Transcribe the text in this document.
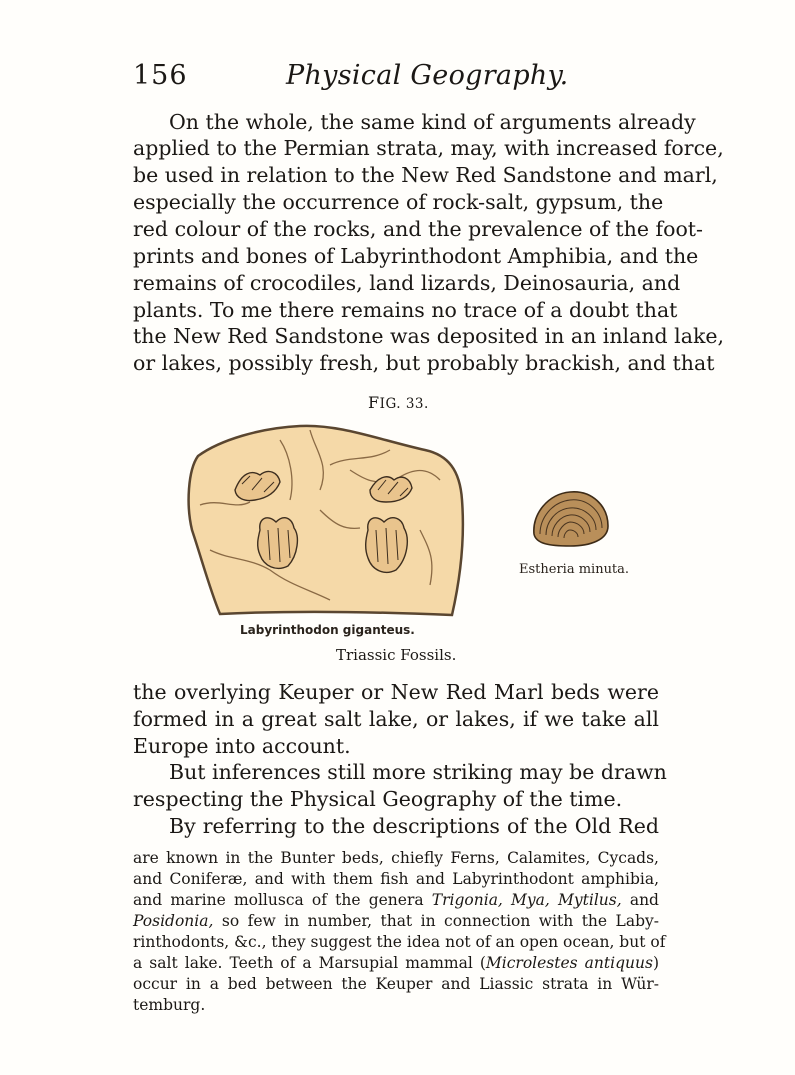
156	Physical Geography.
On the whole, the same kind of arguments already
applied to the Permian strata, may, with increased force,
be used in relation to the New Red Sandstone and marl,
especially the occurrence of rock-salt, gypsum, the
red colour of the rocks, and the prevalence of the foot-
prints and bones of Labyrinthodont Amphibia, and the
remains of crocodiles, land lizards, Deinosauria, and
plants. To me there remains no trace of a doubt that
the New Red Sandstone was deposited in an inland lake,
or lakes, possibly fresh, but probably brackish, and that
FIG. 33.
Estheria minuta.
Labyrinthodon giganteus.
Triassic Fossils.
the overlying Keuper or New Red Marl beds were
formed in a great salt lake, or lakes, if we take all
Europe into account.
But inferences still more striking may be drawn
respecting the Physical Geography of the time.
By referring to the descriptions of the Old Red
are known in the Bunter beds, chiefly Ferns, Calamites, Cycads,
and Coniferæ, and with them fish and Labyrinthodont amphibia,
and marine mollusca of the genera Trigonia, Mya, Mytilus, and
Posidonia, so few in number, that in connection with the Laby-
rinthodonts, &c., they suggest the idea not of an open ocean, but of
a salt lake. Teeth of a Marsupial mammal (Microlestes antiquus)
occur in a bed between the Keuper and Liassic strata in Wür-
temburg.
